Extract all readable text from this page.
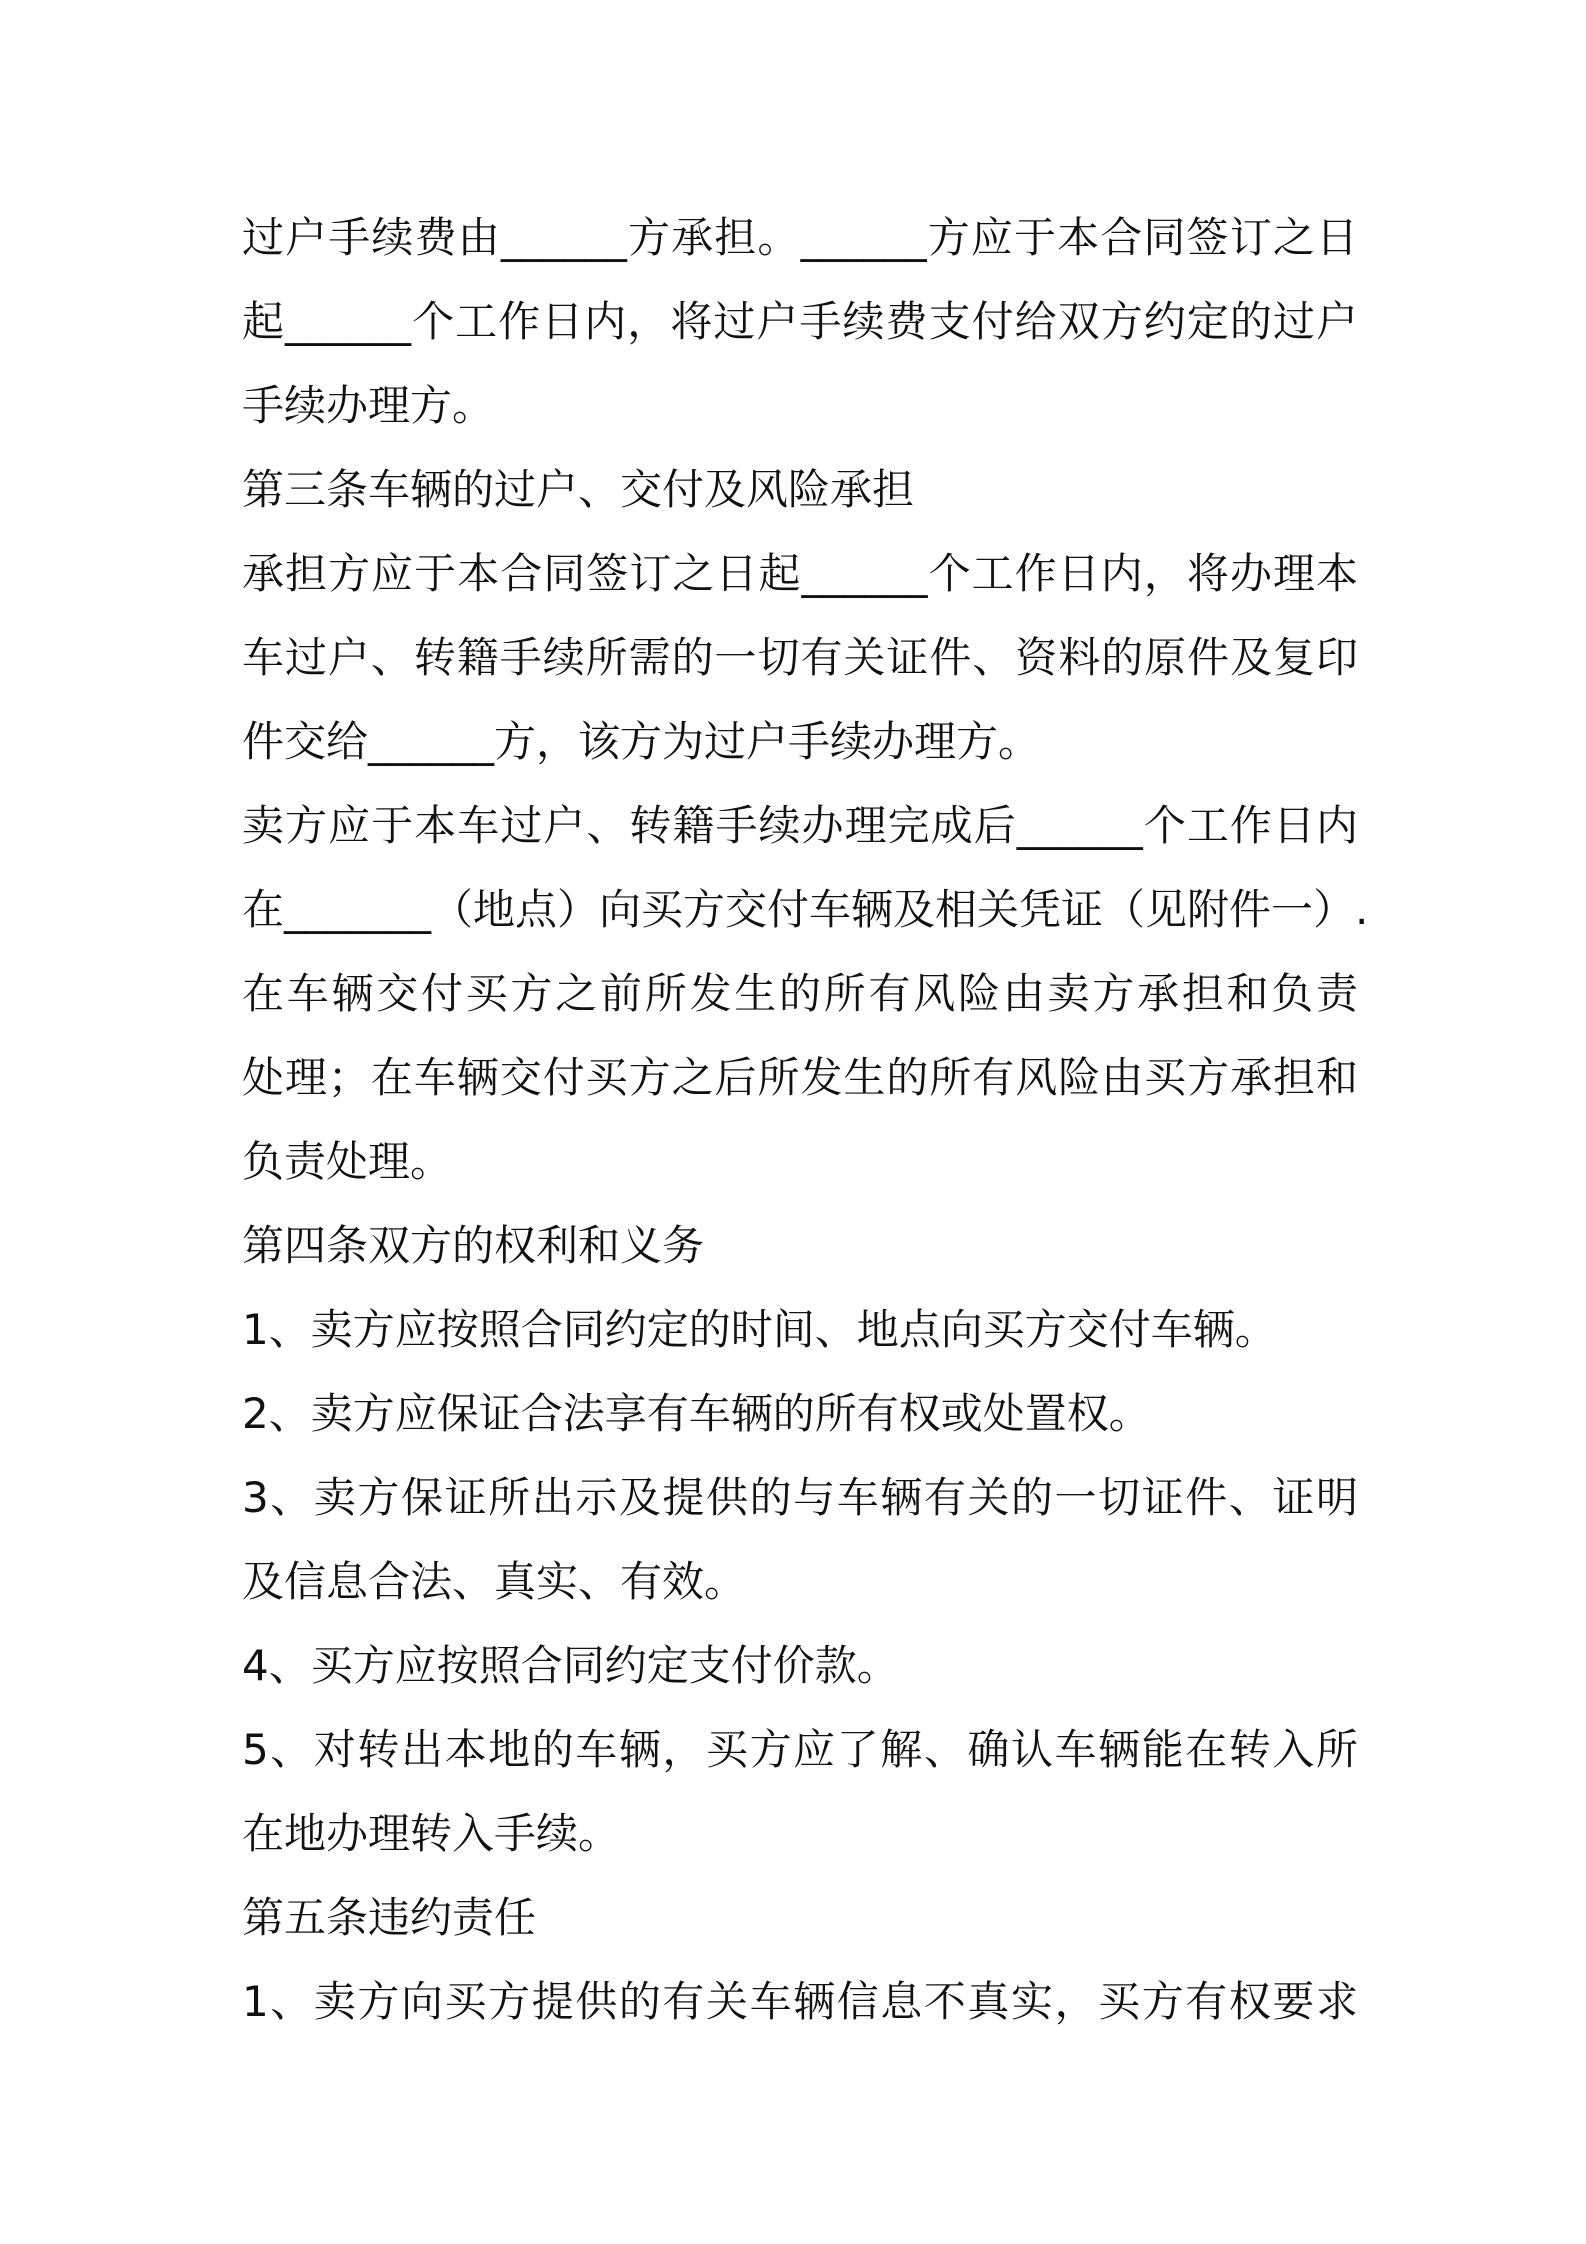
过户手续费由______方承担。______方应于本合同签订之日
起______个工作日内，将过户手续费支付给双方约定的过户
手续办理方。
第三条车辆的过户、交付及风险承担
承担方应于本合同签订之日起______个工作日内，将办理本
车过户、转籍手续所需的一切有关证件、资料的原件及复印
件交给______方，该方为过户手续办理方。
卖方应于本车过户、转籍手续办理完成后______个工作日内
在_______（地点）向买方交付车辆及相关凭证（见附件一）.
在车辆交付买方之前所发生的所有风险由卖方承担和负责
处理；在车辆交付买方之后所发生的所有风险由买方承担和
负责处理。
第四条双方的权利和义务
1、卖方应按照合同约定的时间、地点向买方交付车辆。
2、卖方应保证合法享有车辆的所有权或处置权。
3、卖方保证所出示及提供的与车辆有关的一切证件、证明
及信息合法、真实、有效。
4、买方应按照合同约定支付价款。
5、对转出本地的车辆，买方应了解、确认车辆能在转入所
在地办理转入手续。
第五条违约责任
1、卖方向买方提供的有关车辆信息不真实，买方有权要求
